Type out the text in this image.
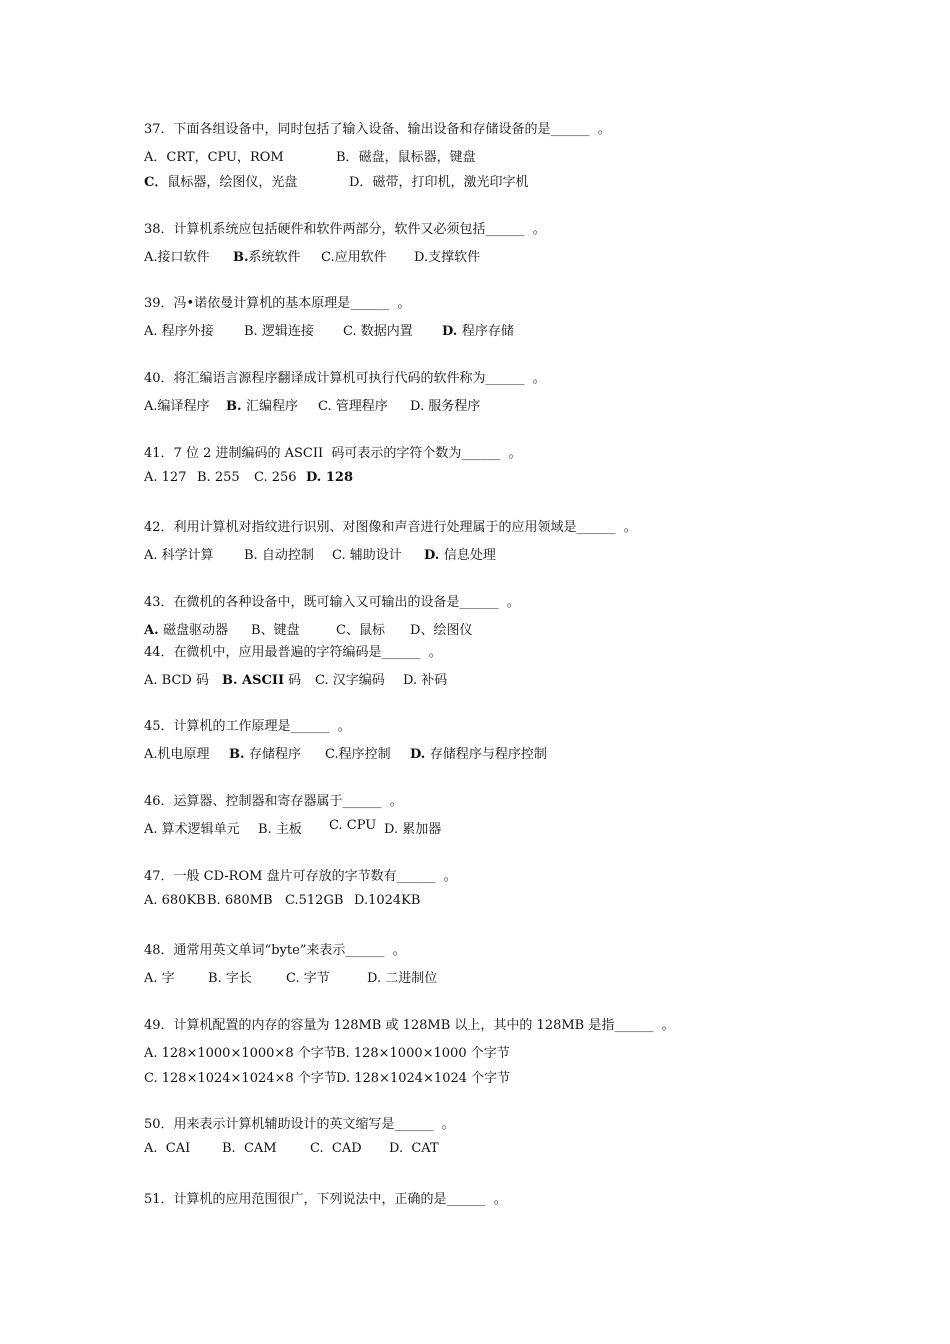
37．下面各组设备中，同时包括了输入设备、输出设备和存储设备的是______  。
A．CRT，CPU，ROM	B．磁盘，鼠标器，键盘
C．鼠标器，绘图仪，光盘	D．磁带，打印机，激光印字机
38．计算机系统应包括硬件和软件两部分，软件又必须包括______  。
A.接口软件 B.系统软件 C.应用软件 D.支撑软件
39．冯•诺依曼计算机的基本原理是______  。
A. 程序外接 B. 逻辑连接 C. 数据内置 D. 程序存储
40．将汇编语言源程序翻译成计算机可执行代码的软件称为______  。
A.编译程序 B. 汇编程序 C. 管理程序 D. 服务程序
41．7 位 2 进制编码的 ASCII  码可表示的字符个数为______  。
A. 127 B. 255 C. 256 D. 128
42．利用计算机对指纹进行识别、对图像和声音进行处理属于的应用领域是______  。
A. 科学计算 B. 自动控制 C. 辅助设计 D. 信息处理
43．在微机的各种设备中，既可输入又可输出的设备是______  。
A. 磁盘驱动器 B、键盘	C、鼠标 D、绘图仪
44．在微机中，应用最普遍的字符编码是______  。
A. BCD 码 B. ASCII 码 C. 汉字编码 D. 补码
45．计算机的工作原理是______  。
A.机电原理 B. 存储程序 C.程序控制 D. 存储程序与程序控制
46．运算器、控制器和寄存器属于______  。
A. 算术逻辑单元 B. 主板 C. CPU D. 累加器
47．一般 CD-ROM 盘片可存放的字节数有______  。
A. 680KB B. 680MB C.512GB D.1024KB
48．通常用英文单词“byte”来表示______  。
A. 字	B. 字长	C. 字节	D. 二进制位
49．计算机配置的内存的容量为 128MB 或 128MB 以上，其中的 128MB 是指______  。
A. 128×1000×1000×8 个字节 B. 128×1000×1000 个字节
C. 128×1024×1024×8 个字节 D. 128×1024×1024 个字节
50．用来表示计算机辅助设计的英文缩写是______  。
A.  CAI B.  CAM	C.  CAD D.  CAT
51．计算机的应用范围很广，下列说法中，正确的是______  。
